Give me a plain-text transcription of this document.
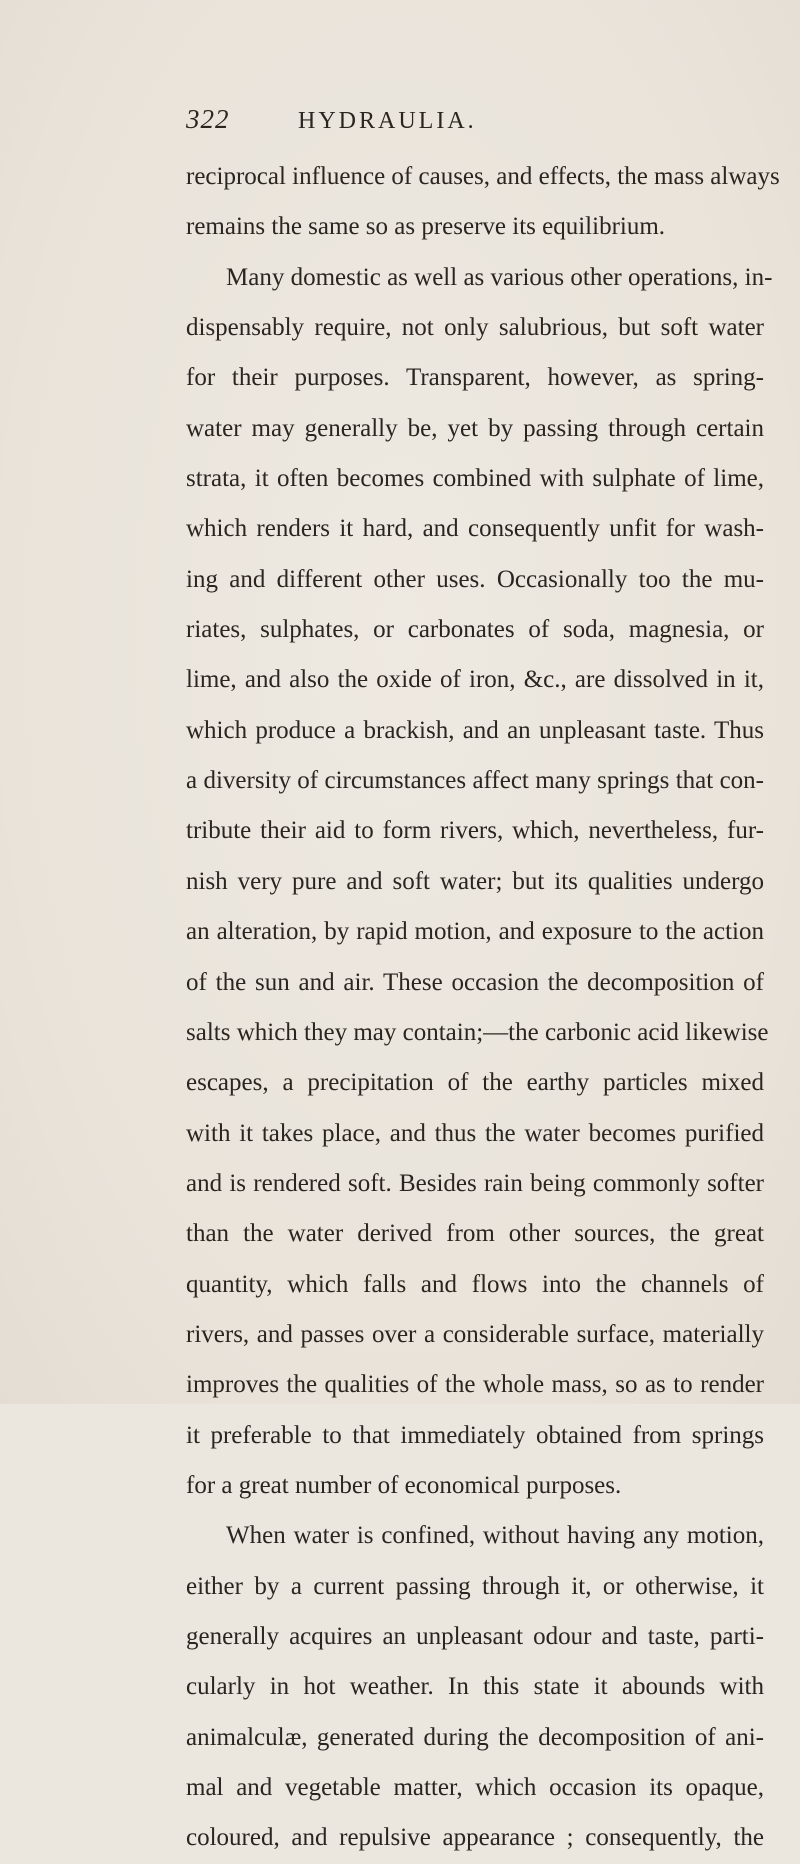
322	HYDRAULIA.
reciprocal influence of causes, and effects, the mass always
remains the same so as preserve its equilibrium.
Many domestic as well as various other operations, in-
dispensably require, not only salubrious, but soft water
for their purposes. Transparent, however, as spring-
water may generally be, yet by passing through certain
strata, it often becomes combined with sulphate of lime,
which renders it hard, and consequently unfit for wash-
ing and different other uses. Occasionally too the mu-
riates, sulphates, or carbonates of soda, magnesia, or
lime, and also the oxide of iron, &c., are dissolved in it,
which produce a brackish, and an unpleasant taste. Thus
a diversity of circumstances affect many springs that con-
tribute their aid to form rivers, which, nevertheless, fur-
nish very pure and soft water; but its qualities undergo
an alteration, by rapid motion, and exposure to the action
of the sun and air. These occasion the decomposition of
salts which they may contain;—the carbonic acid likewise
escapes, a precipitation of the earthy particles mixed
with it takes place, and thus the water becomes purified
and is rendered soft. Besides rain being commonly softer
than the water derived from other sources, the great
quantity, which falls and flows into the channels of
rivers, and passes over a considerable surface, materially
improves the qualities of the whole mass, so as to render
it preferable to that immediately obtained from springs
for a great number of economical purposes.
When water is confined, without having any motion,
either by a current passing through it, or otherwise, it
generally acquires an unpleasant odour and taste, parti-
cularly in hot weather. In this state it abounds with
animalculæ, generated during the decomposition of ani-
mal and vegetable matter, which occasion its opaque,
coloured, and repulsive appearance ; consequently, the
